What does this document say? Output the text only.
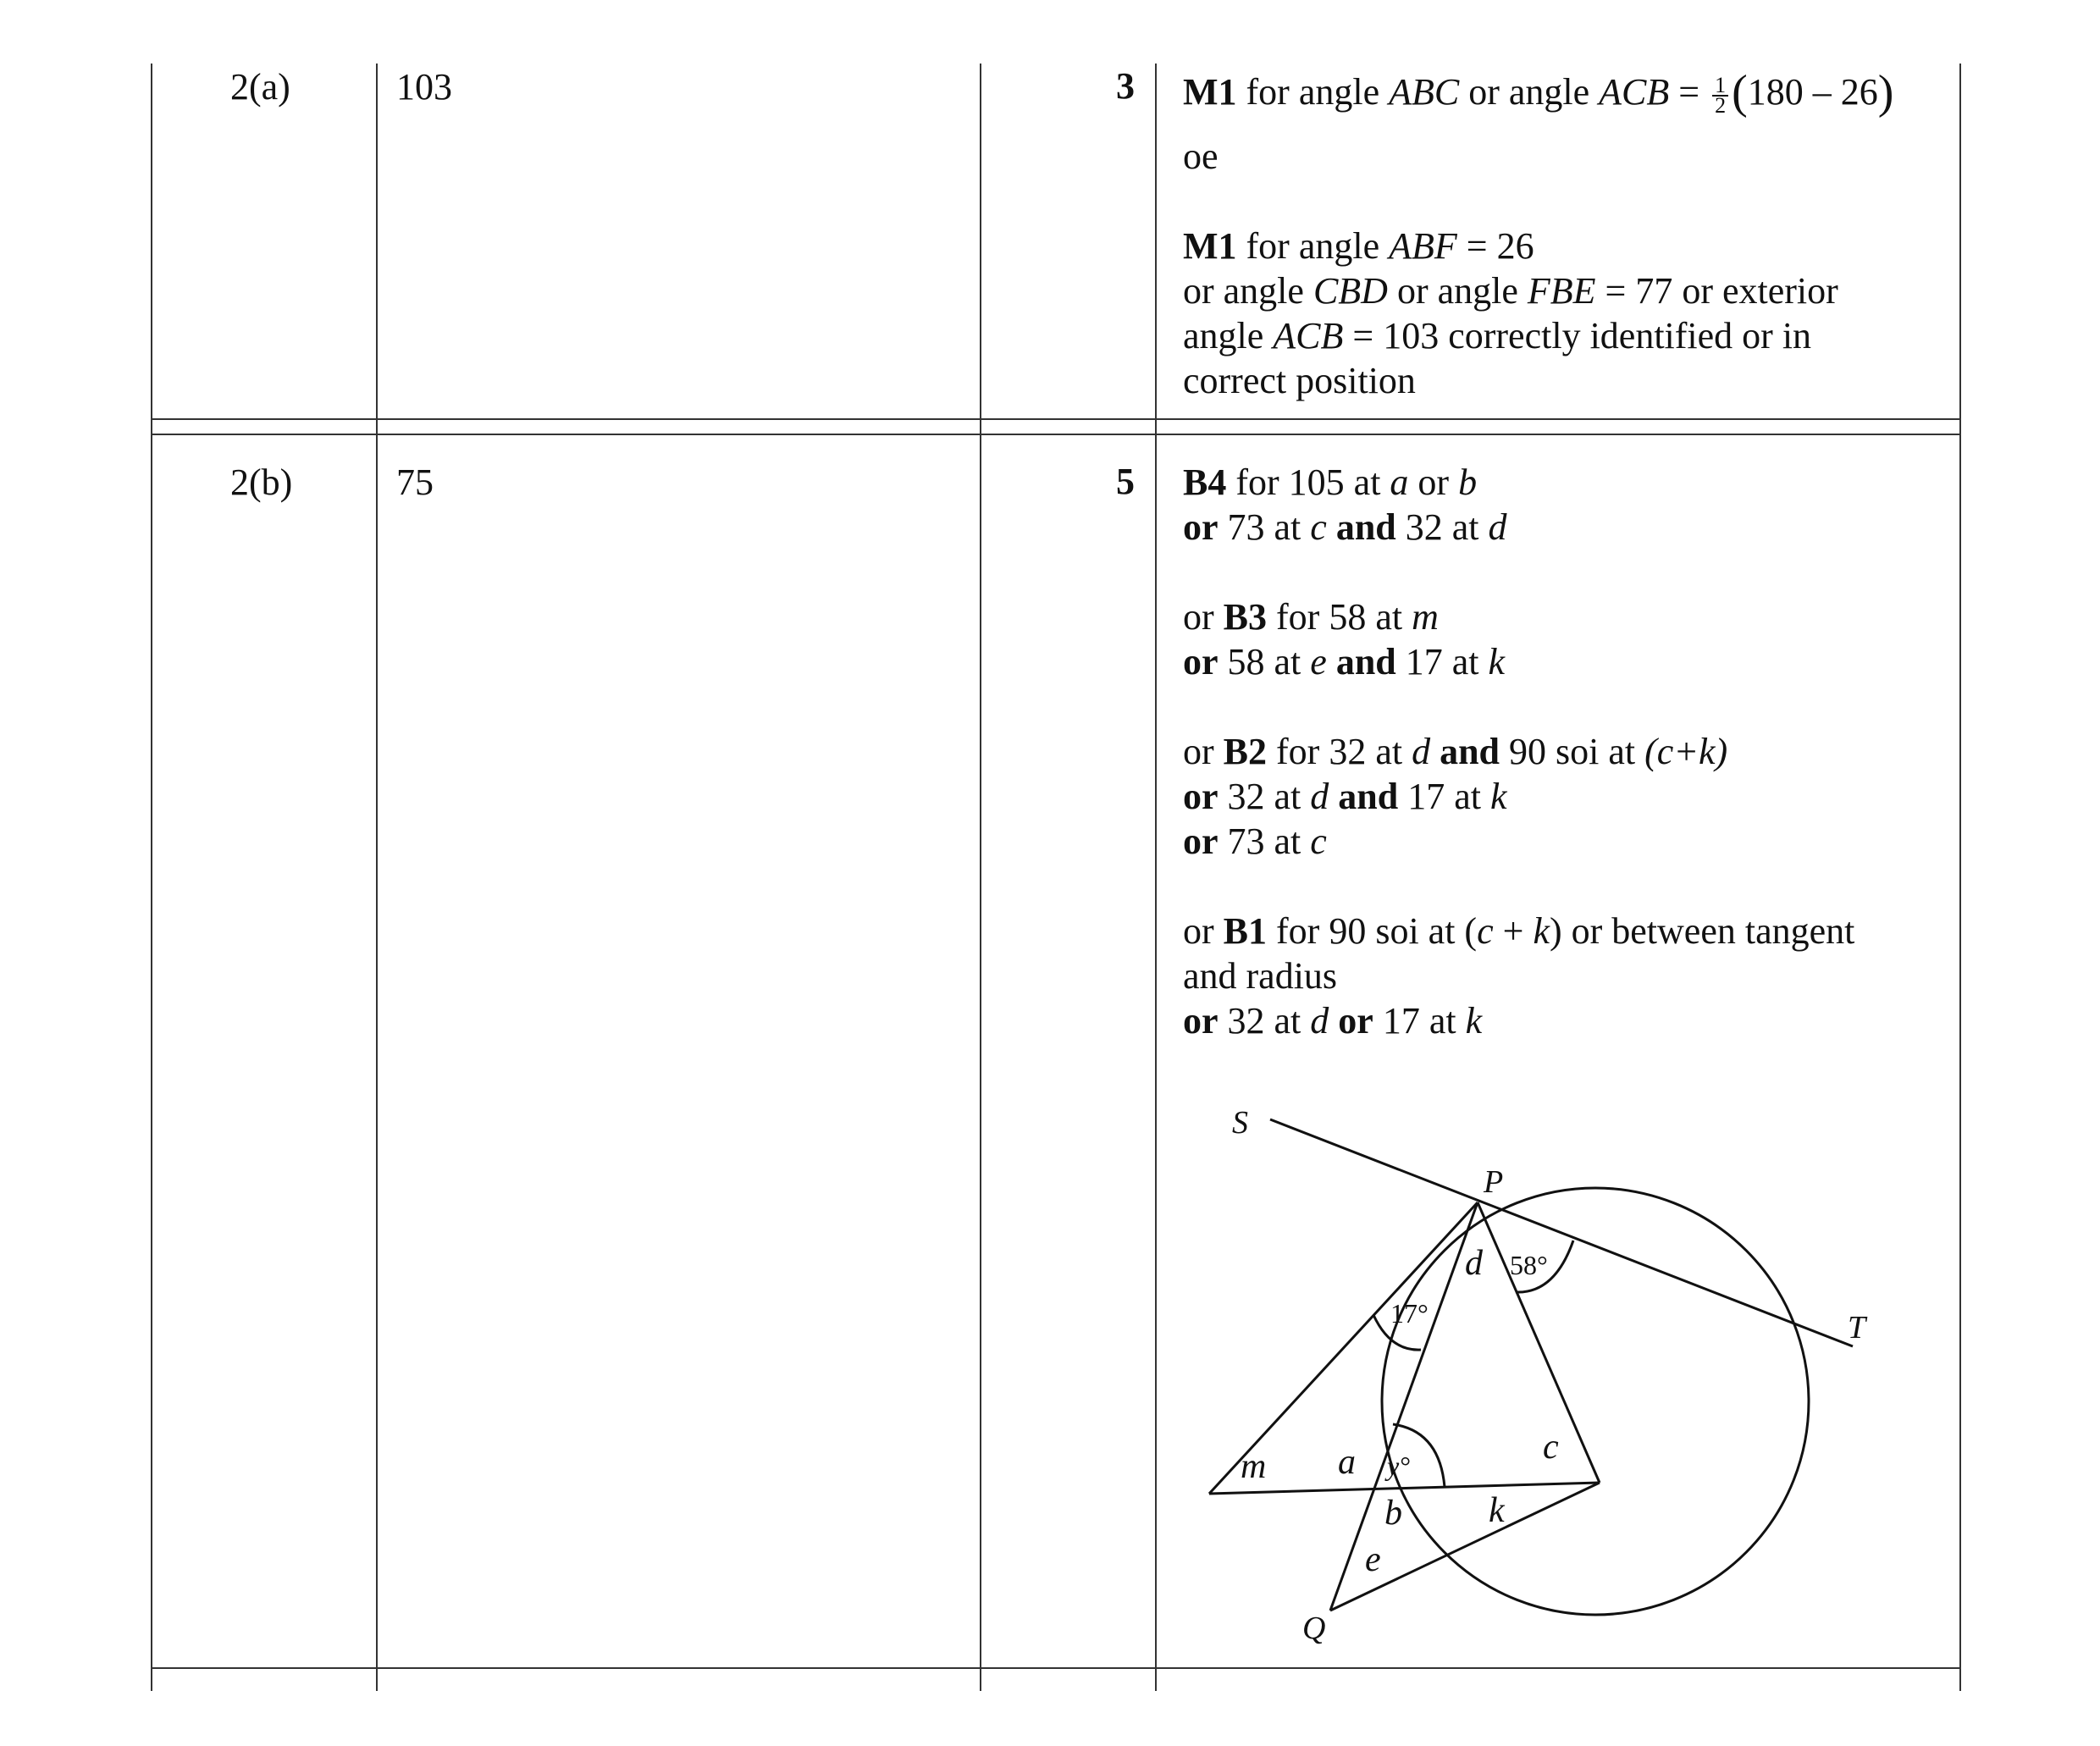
2(a)	103	3 M1 for angle ABC or angle ACB = $\frac{1}{2} (180 - 26)$

oe

M1 for angle ABF = 26

or angle CBD or angle FBE = 77 or exterior

angle ACB = 103 correctly identified or in

correct position

2(b)	75	5 B4 for 105 at a or b

or 73 at c and 32 at d

or B3 for 58 at m

or 58 at e and 17 at k

or B2 for 32 at d and 90 soi at (c+k)

or 32 at d and 17 at k

or 73 at c

or B1 for 90 soi at (c + k) or between tangent

and radius

or 32 at d or 17 at k

S
P
T
Q
17°
58°
y°
d
m a	c
b k
e
